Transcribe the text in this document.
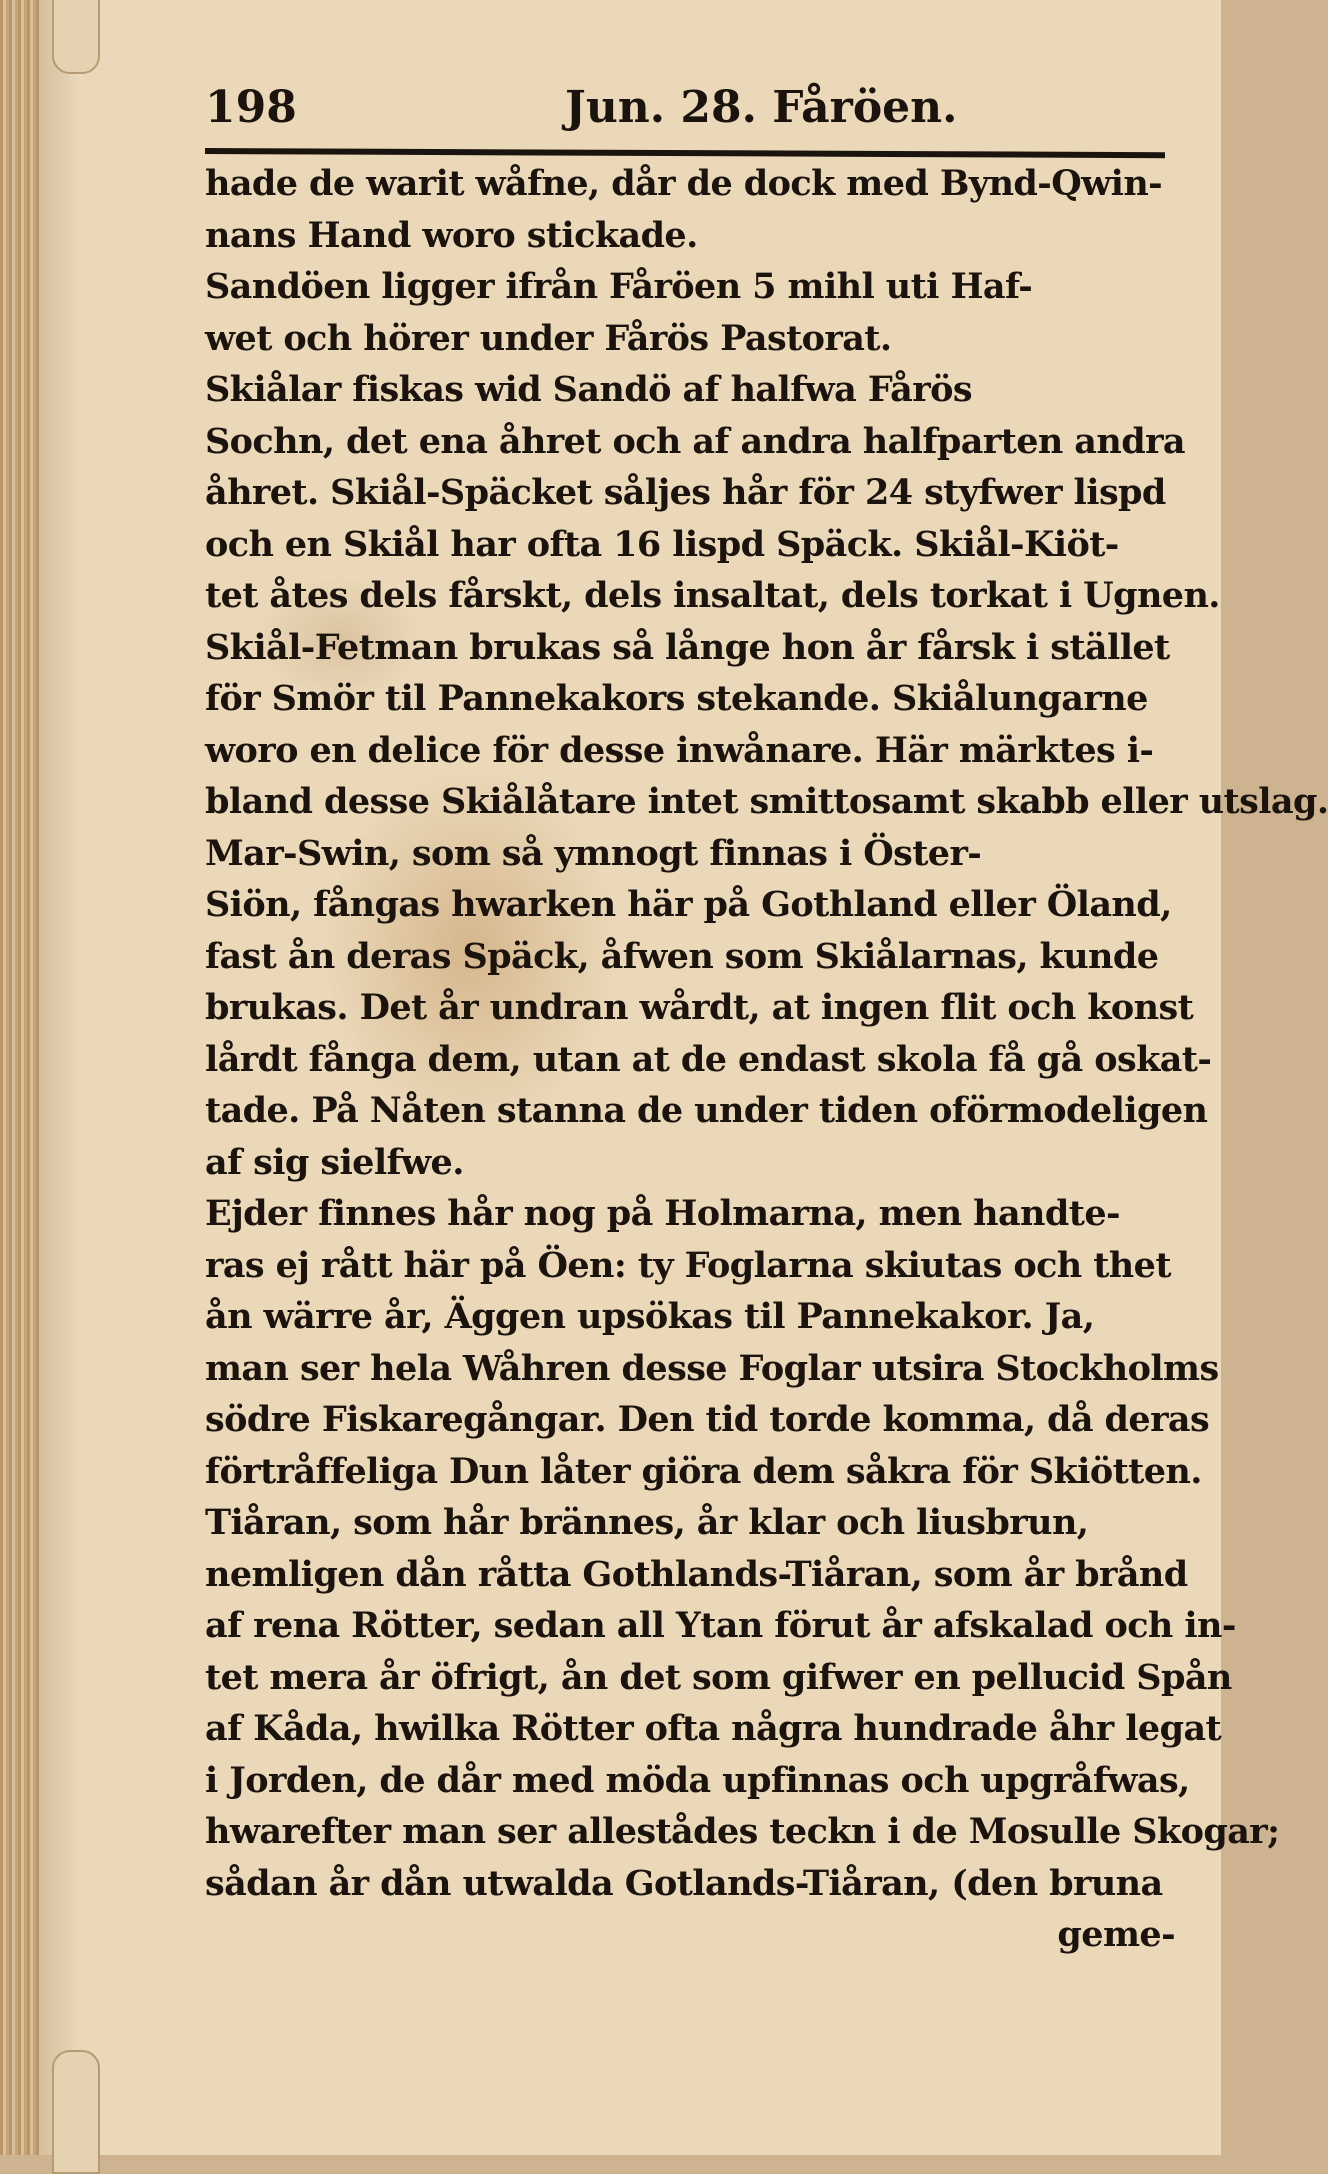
198	Jun. 28. Fåröen.
hade de warit wåfne, dår de dock med Bynd-Qwin-
nans Hand woro stickade.
Sandöen ligger ifrån Fåröen 5 mihl uti Haf-
wet och hörer under Fårös Pastorat.
Skiålar fiskas wid Sandö af halfwa Fårös
Sochn, det ena åhret och af andra halfparten andra
åhret. Skiål-Späcket såljes hår för 24 styfwer lispd
och en Skiål har ofta 16 lispd Späck. Skiål-Kiöt-
tet åtes dels fårskt, dels insaltat, dels torkat i Ugnen.
Skiål-Fetman brukas så långe hon år fårsk i stället
för Smör til Pannekakors stekande. Skiålungarne
woro en delice för desse inwånare. Här märktes i-
bland desse Skiålåtare intet smittosamt skabb eller utslag.
Mar-Swin, som så ymnogt finnas i Öster-
Siön, fångas hwarken här på Gothland eller Öland,
fast ån deras Späck, åfwen som Skiålarnas, kunde
brukas. Det år undran wårdt, at ingen flit och konst
lårdt fånga dem, utan at de endast skola få gå oskat-
tade. På Nåten stanna de under tiden oförmodeligen
af sig sielfwe.
Ejder finnes hår nog på Holmarna, men handte-
ras ej rått här på Öen: ty Foglarna skiutas och thet
ån wärre år, Äggen upsökas til Pannekakor. Ja,
man ser hela Wåhren desse Foglar utsira Stockholms
södre Fiskaregångar. Den tid torde komma, då deras
förtråffeliga Dun låter giöra dem såkra för Skiötten.
Tiåran, som hår brännes, år klar och liusbrun,
nemligen dån råtta Gothlands-Tiåran, som år brånd
af rena Rötter, sedan all Ytan förut år afskalad och in-
tet mera år öfrigt, ån det som gifwer en pellucid Spån
af Kåda, hwilka Rötter ofta några hundrade åhr legat
i Jorden, de dår med möda upfinnas och upgråfwas,
hwarefter man ser allestådes teckn i de Mosulle Skogar;
sådan år dån utwalda Gotlands-Tiåran, (den bruna
geme-
